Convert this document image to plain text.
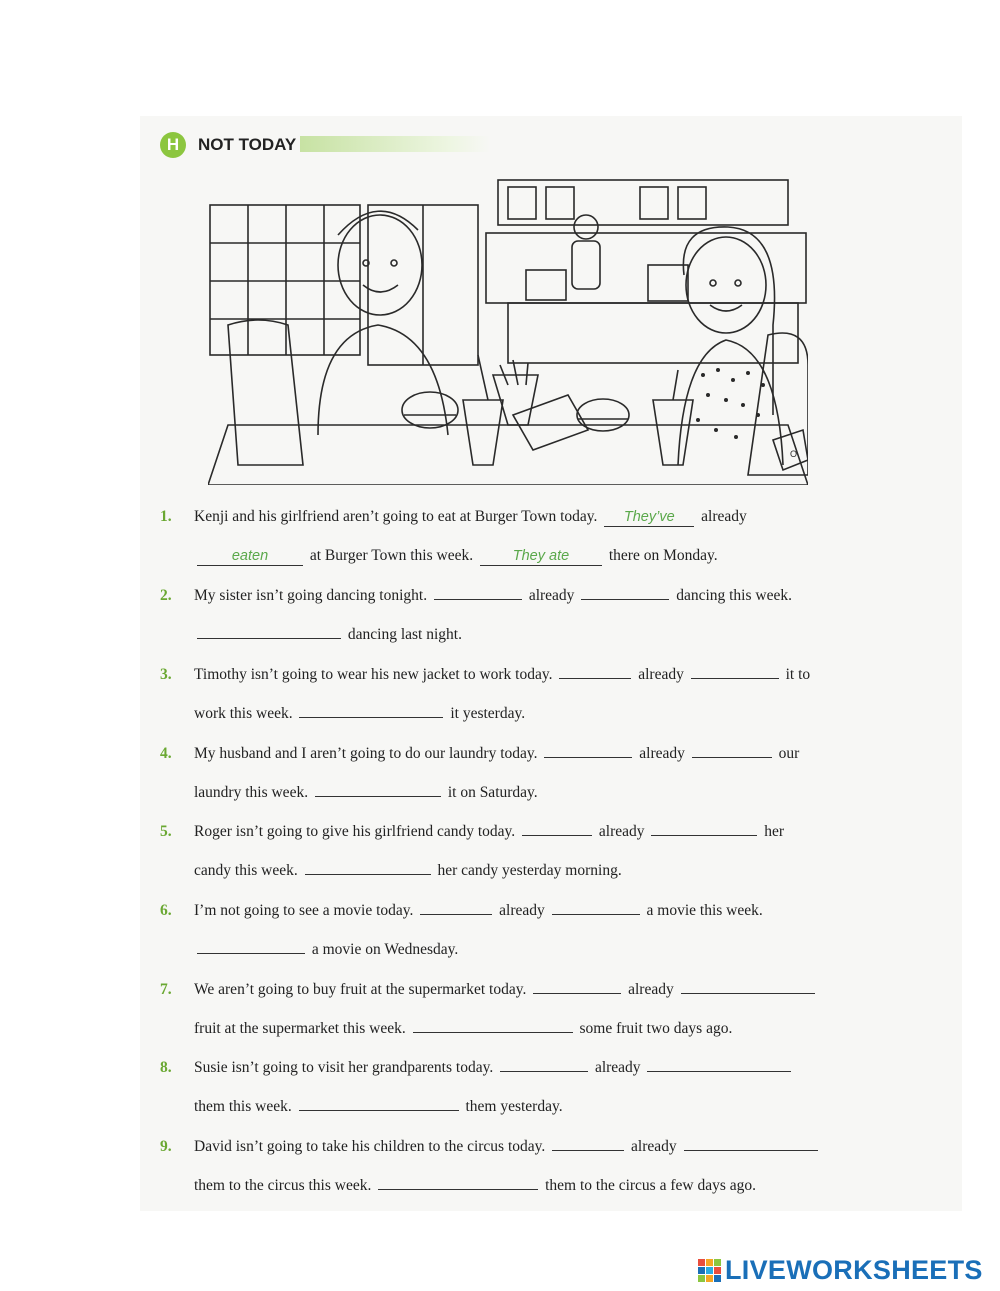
H	NOT TODAY
O
1.	Kenji and his girlfriend aren’t going to eat at Burger Town today. They’ve already
eaten at Burger Town this week. They ate there on Monday.
2.	My sister isn’t going dancing tonight.	already	dancing this week.
dancing last night.
3.	Timothy isn’t going to wear his new jacket to work today.	already	it to
work this week.	it yesterday.
4.	My husband and I aren’t going to do our laundry today.	already	our
laundry this week.	it on Saturday.
5.	Roger isn’t going to give his girlfriend candy today.	already	her
candy this week.	her candy yesterday morning.
6.	I’m not going to see a movie today.	already	a movie this week.
a movie on Wednesday.
7.	We aren’t going to buy fruit at the supermarket today.	already
fruit at the supermarket this week.	some fruit two days ago.
8.	Susie isn’t going to visit her grandparents today.	already
them this week.	them yesterday.
9.	David isn’t going to take his children to the circus today.	already
them to the circus this week.	them to the circus a few days ago.
LIVEWORKSHEETS
